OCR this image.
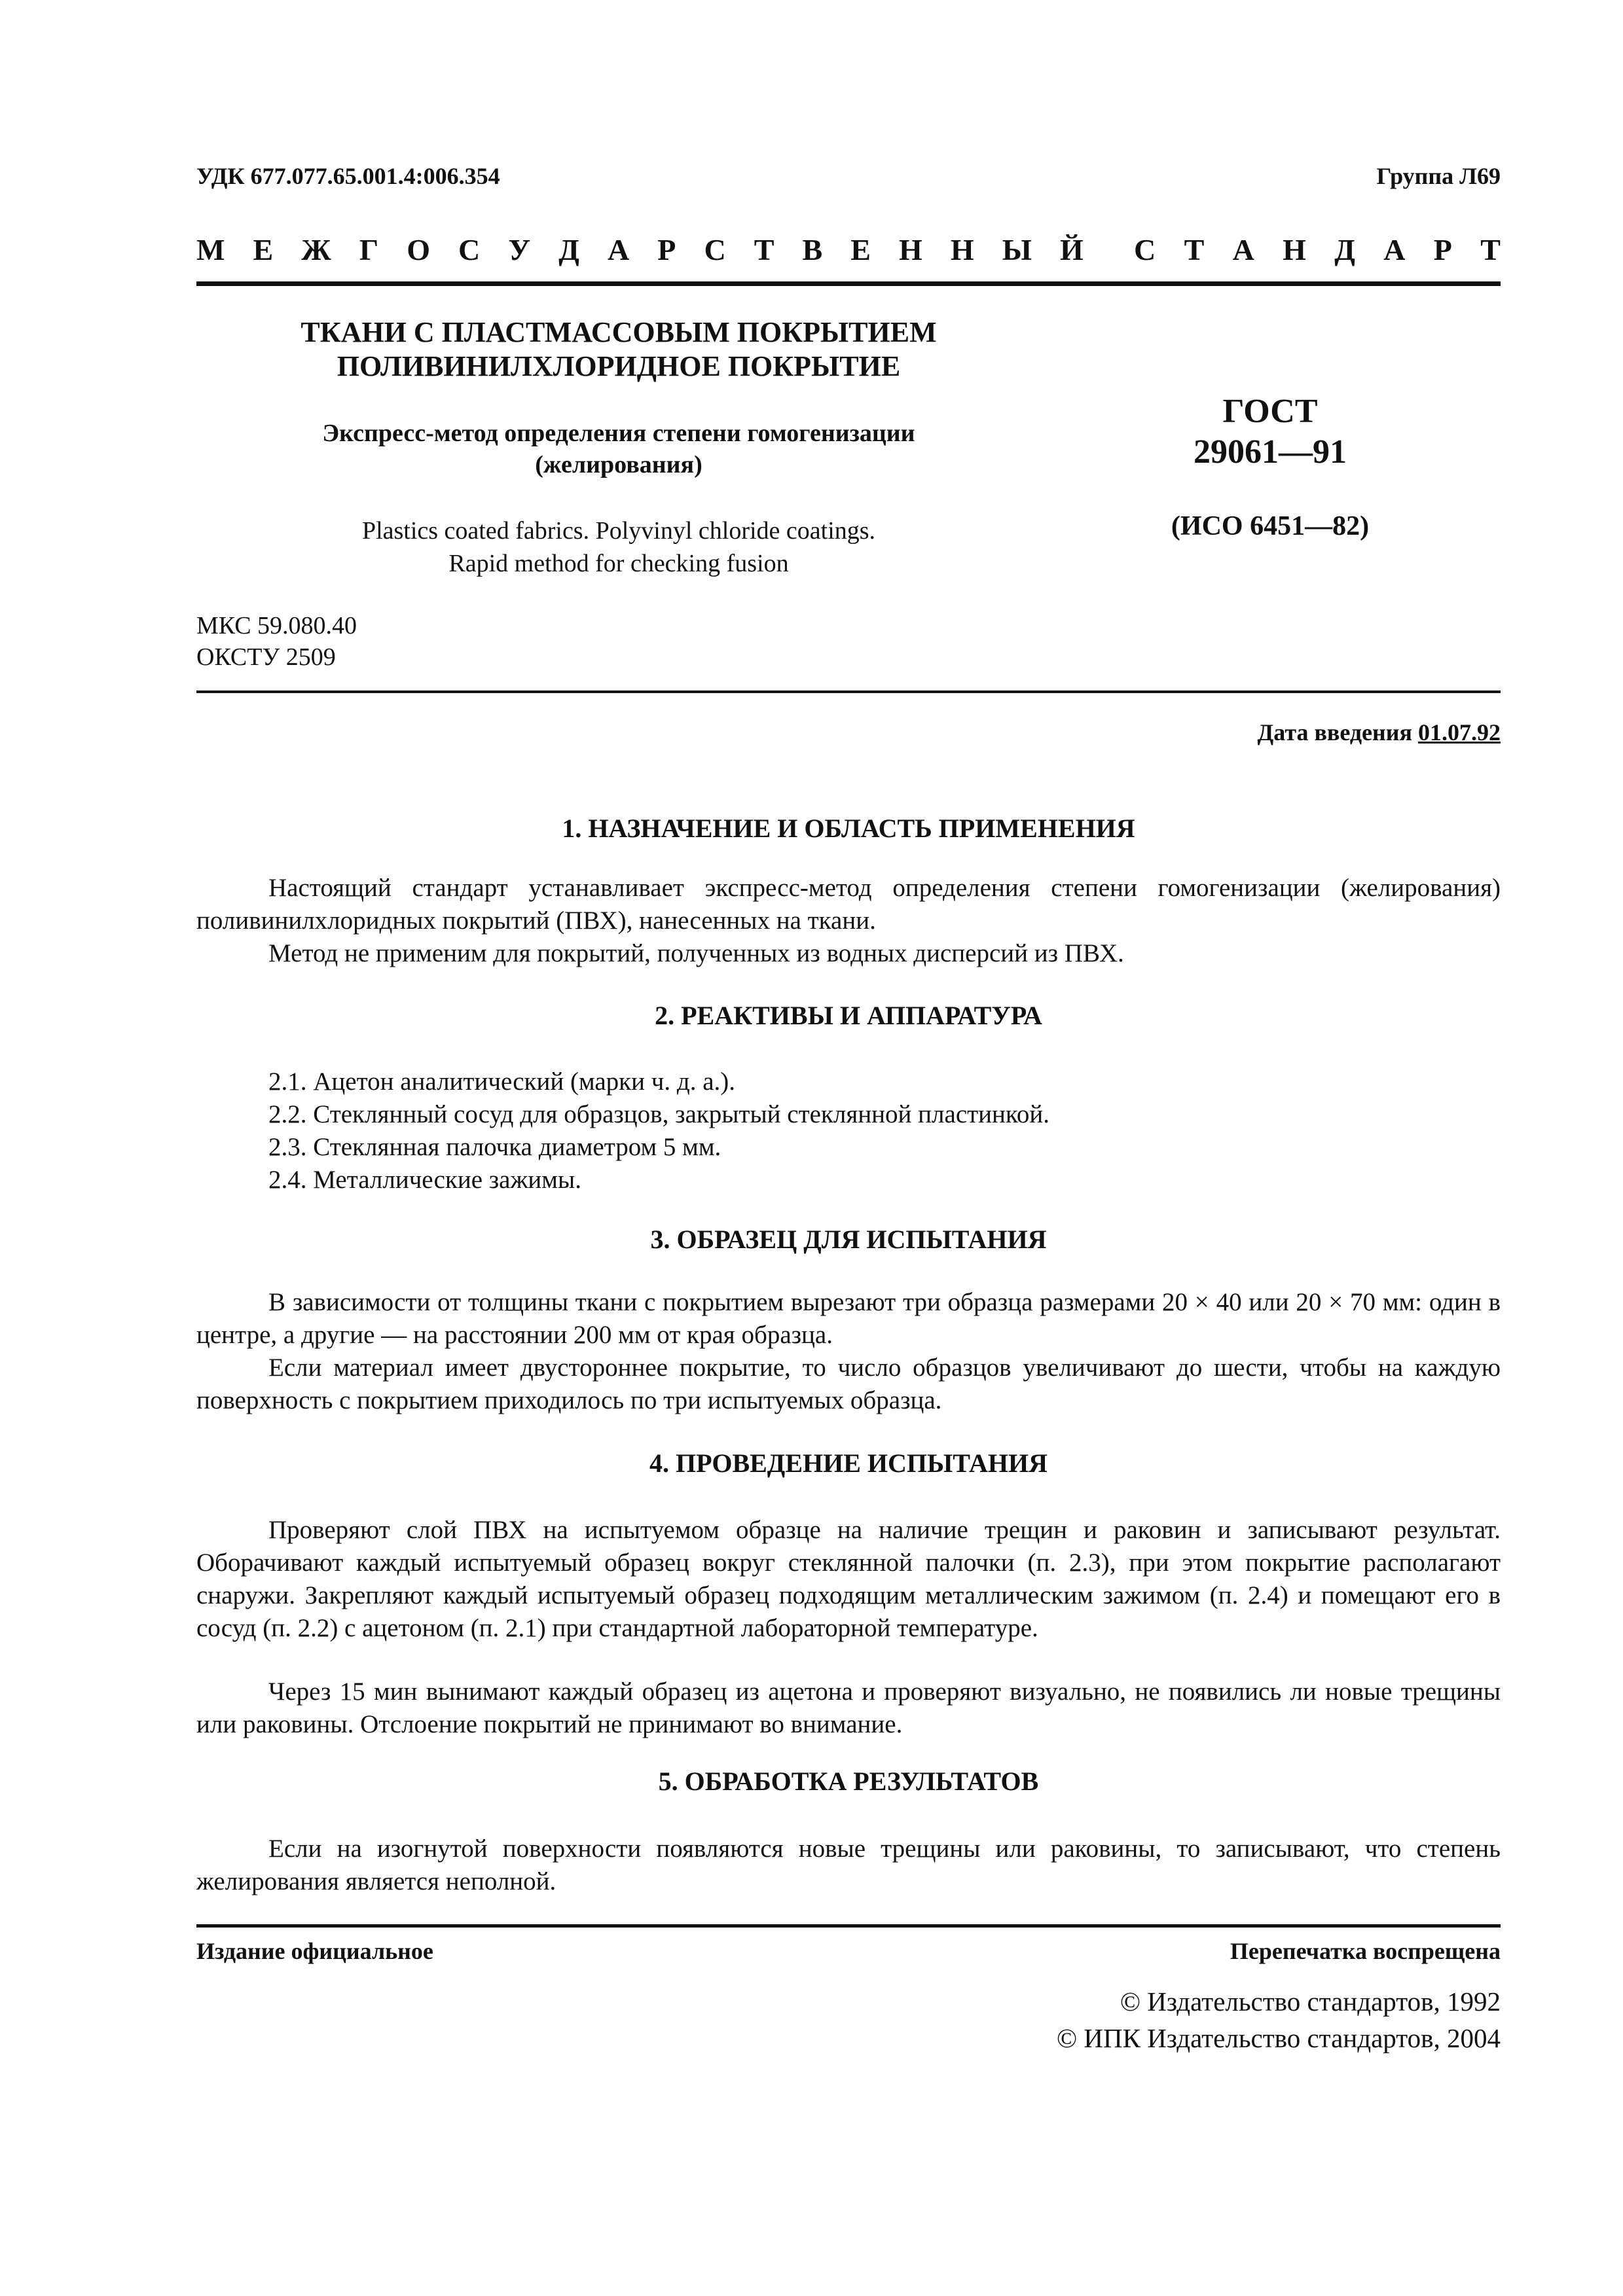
УДК 677.077.65.001.4:006.354	Группа Л69
М Е Ж Г О С У Д А Р С Т В Е Н Н Ы Й С Т А Н Д А Р Т
ТКАНИ С ПЛАСТМАССОВЫМ ПОКРЫТИЕМ
ПОЛИВИНИЛХЛОРИДНОЕ ПОКРЫТИЕ
Экспресс-метод определения степени гомогенизации
(желирования)
Plastics coated fabrics. Polyvinyl chloride coatings.
Rapid method for checking fusion
ГОСТ
29061—91
(ИСО 6451—82)
МКС 59.080.40
ОКСТУ 2509
Дата введения 01.07.92
1. НАЗНАЧЕНИЕ И ОБЛАСТЬ ПРИМЕНЕНИЯ
Настоящий стандарт устанавливает экспресс-метод определения степени гомогенизации (желирования) поливинилхлоридных покрытий (ПВХ), нанесенных на ткани.
Метод не применим для покрытий, полученных из водных дисперсий из ПВХ.
2. РЕАКТИВЫ И АППАРАТУРА
2.1. Ацетон аналитический (марки ч. д. а.).
2.2. Стеклянный сосуд для образцов, закрытый стеклянной пластинкой.
2.3. Стеклянная палочка диаметром 5 мм.
2.4. Металлические зажимы.
3. ОБРАЗЕЦ ДЛЯ ИСПЫТАНИЯ
В зависимости от толщины ткани с покрытием вырезают три образца размерами 20 × 40 или 20 × 70 мм: один в центре, а другие — на расстоянии 200 мм от края образца.
Если материал имеет двустороннее покрытие, то число образцов увеличивают до шести, чтобы на каждую поверхность с покрытием приходилось по три испытуемых образца.
4. ПРОВЕДЕНИЕ ИСПЫТАНИЯ
Проверяют слой ПВХ на испытуемом образце на наличие трещин и раковин и записывают результат. Оборачивают каждый испытуемый образец вокруг стеклянной палочки (п. 2.3), при этом покрытие располагают снаружи. Закрепляют каждый испытуемый образец подходящим металлическим зажимом (п. 2.4) и помещают его в сосуд (п. 2.2) с ацетоном (п. 2.1) при стандартной лабораторной температуре.
Через 15 мин вынимают каждый образец из ацетона и проверяют визуально, не появились ли новые трещины или раковины. Отслоение покрытий не принимают во внимание.
5. ОБРАБОТКА РЕЗУЛЬТАТОВ
Если на изогнутой поверхности появляются новые трещины или раковины, то записывают, что степень желирования является неполной.
Издание официальное	Перепечатка воспрещена
© Издательство стандартов, 1992
© ИПК Издательство стандартов, 2004
